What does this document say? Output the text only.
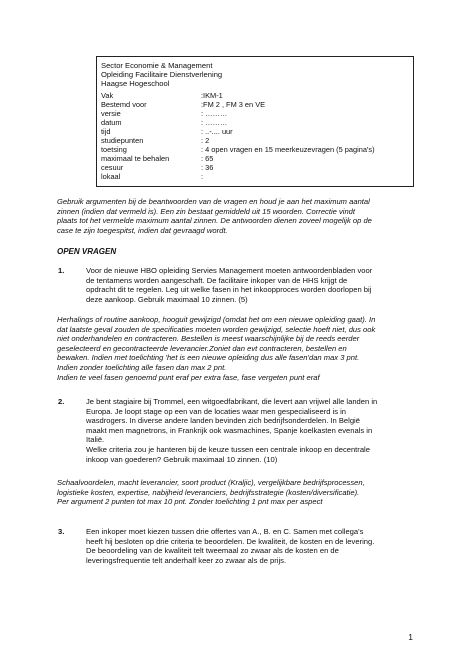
Sector Economie & Management
Opleiding Facilitaire Dienstverlening
Haagse Hogeschool
Vak	:IKM-1
Bestemd voor	:FM 2 , FM 3 en VE
versie	: ………
datum	: ………
tijd	: ..-.... uur
studiepunten	: 2
toetsing	: 4 open vragen en 15 meerkeuzevragen (5 pagina's)
maximaal te behalen	: 65
cesuur	: 36
lokaal	:
Gebruik argumenten bij de beantwoorden van de vragen en houd je aan het maximum aantal
zinnen (indien dat vermeld is). Een zin bestaat gemiddeld uit 15 woorden. Correctie vindt
plaats tot het vermelde maximum aantal zinnen. De antwoorden dienen zoveel mogelijk op de
case te zijn toegespitst, indien dat gevraagd wordt.
OPEN VRAGEN
1.	Voor de nieuwe HBO opleiding Servies Management moeten antwoordenbladen voor
de tentamens worden aangeschaft. De facilitaire inkoper van de HHS krijgt de
opdracht dit te regelen. Leg uit welke fasen in het inkoopproces worden doorlopen bij
deze aankoop. Gebruik maximaal 10 zinnen. (5)
Herhalings of routine aankoop, hooguit gewijzigd (omdat het om een nieuwe opleiding gaat). In
dat laatste geval zouden de specificaties moeten worden gewijzigd, selectie hoeft niet, dus ook
niet onderhandelen en contracteren. Bestellen is meest waarschijnlijke bij de reeds eerder
geselecteerd en gecontracteerde leverancier.Zoniet dan evt contracteren, bestellen en
bewaken. Indien met toelichting 'het is een nieuwe opleiding dus alle fasen'dan max 3 pnt.
Indien zonder toelichting alle fasen dan max 2 pnt.
Indien te veel fasen genoemd punt eraf per extra fase, fase vergeten punt eraf
2.	Je bent stagiaire bij Trommel, een witgoedfabrikant, die levert aan vrijwel alle landen in
Europa. Je loopt stage op een van de locaties waar men gespecialiseerd is in
wasdrogers. In diverse andere landen bevinden zich bedrijfsonderdelen. In België
maakt men magnetrons, in Frankrijk ook wasmachines, Spanje koelkasten evenals in
Italië.
Welke criteria zou je hanteren bij de keuze tussen een centrale inkoop en decentrale
inkoop van goederen? Gebruik maximaal 10 zinnen. (10)
Schaalvoordelen, macht leverancier, soort product (Kraljic), vergelijkbare bedrijfsprocessen,
logistieke kosten, expertise, nabijheid leveranciers, bedrijfsstrategie (kosten/diversificatie).
Per argument 2 punten tot max 10 pnt. Zonder toelichting 1 pnt max per aspect
3.	Een inkoper moet kiezen tussen drie offertes van A., B. en C. Samen met collega's
heeft hij besloten op drie criteria te beoordelen. De kwaliteit, de kosten en de levering.
De beoordeling van de kwaliteit telt tweemaal zo zwaar als de kosten en de
leveringsfrequentie telt anderhalf keer zo zwaar als de prijs.
1
